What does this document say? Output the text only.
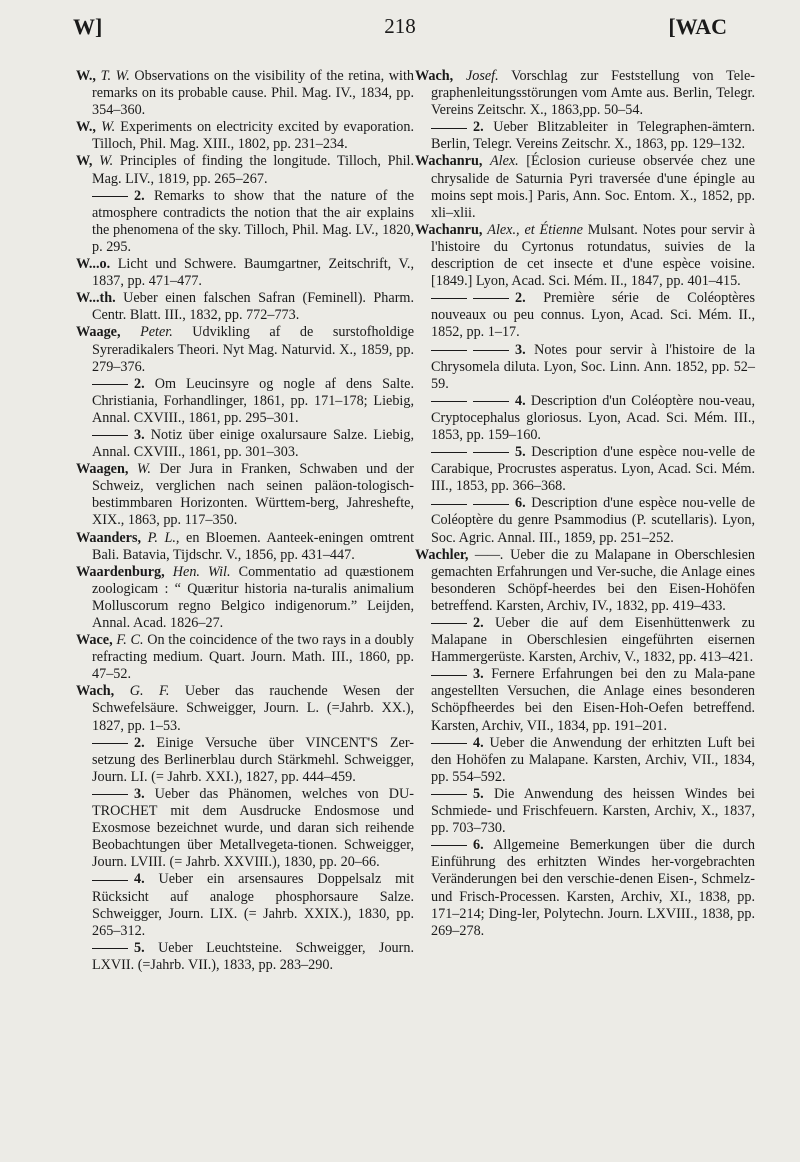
W]	218	[WAC

W., T. W. Observations on the visibility of the retina, with remarks on its probable cause. Phil. Mag. IV., 1834, pp. 354–360.

W., W. Experiments on electricity excited by evaporation. Tilloch, Phil. Mag. XIII., 1802, pp. 231–234.

W, W. Principles of finding the longitude. Tilloch, Phil. Mag. LIV., 1819, pp. 265–267.

2. Remarks to show that the nature of the atmosphere contradicts the notion that the air explains the phenomena of the sky. Tilloch, Phil. Mag. LV., 1820, p. 295.

W...o. Licht und Schwere. Baumgartner, Zeitschrift, V., 1837, pp. 471–477.

W...th. Ueber einen falschen Safran (Feminell). Pharm. Centr. Blatt. III., 1832, pp. 772–773.

Waage, Peter. Udvikling af de surstofholdige Syreradikalers Theori. Nyt Mag. Naturvid. X., 1859, pp. 279–376.

2. Om Leucinsyre og nogle af dens Salte. Christiania, Forhandlinger, 1861, pp. 171–178; Liebig, Annal. CXVIII., 1861, pp. 295–301.

3. Notiz über einige oxalursaure Salze. Liebig, Annal. CXVIII., 1861, pp. 301–303.

Waagen, W. Der Jura in Franken, Schwaben und der Schweiz, verglichen nach seinen paläon-tologisch-bestimmbaren Horizonten. Württem-berg, Jahreshefte, XIX., 1863, pp. 117–350.

Waanders, P. L., en Bloemen. Aanteek-eningen omtrent Bali. Batavia, Tijdschr. V., 1856, pp. 431–447.

Waardenburg, Hen. Wil. Commentatio ad quæstionem zoologicam : “ Quæritur historia na-turalis animalium Molluscorum regno Belgico indigenorum.” Leijden, Annal. Acad. 1826–27.

Wace, F. C. On the coincidence of the two rays in a doubly refracting medium. Quart. Journ. Math. III., 1860, pp. 47–52.

Wach, G. F. Ueber das rauchende Wesen der Schwefelsäure. Schweigger, Journ. L. (=Jahrb. XX.), 1827, pp. 1–53.

2. Einige Versuche über VINCENT'S Zer-setzung des Berlinerblau durch Stärkmehl. Schweigger, Journ. LI. (= Jahrb. XXI.), 1827, pp. 444–459.

3. Ueber das Phänomen, welches von DU-TROCHET mit dem Ausdrucke Endosmose und Exosmose bezeichnet wurde, und daran sich reihende Beobachtungen über Metallvegeta-tionen. Schweigger, Journ. LVIII. (= Jahrb. XXVIII.), 1830, pp. 20–66.

4. Ueber ein arsensaures Doppelsalz mit Rücksicht auf analoge phosphorsaure Salze. Schweigger, Journ. LIX. (= Jahrb. XXIX.), 1830, pp. 265–312.

5. Ueber Leuchtsteine. Schweigger, Journ. LXVII. (=Jahrb. VII.), 1833, pp. 283–290.

Wach, Josef. Vorschlag zur Feststellung von Tele-graphenleitungsstörungen vom Amte aus. Berlin, Telegr. Vereins Zeitschr. X., 1863,pp. 50–54.

2. Ueber Blitzableiter in Telegraphen-ämtern. Berlin, Telegr. Vereins Zeitschr. X., 1863, pp. 129–132.

Wachanru, Alex. [Éclosion curieuse observée chez une chrysalide de Saturnia Pyri traversée d'une épingle au moins sept mois.] Paris, Ann. Soc. Entom. X., 1852, pp. xli–xlii.

Wachanru, Alex., et Étienne Mulsant. Notes pour servir à l'histoire du Cyrtonus rotundatus, suivies de la description de cet insecte et d'une espèce voisine. [1849.] Lyon, Acad. Sci. Mém. II., 1847, pp. 401–415.

2. Première série de Coléoptères nouveaux ou peu connus. Lyon, Acad. Sci. Mém. II., 1852, pp. 1–17.

3. Notes pour servir à l'histoire de la Chrysomela diluta. Lyon, Soc. Linn. Ann. 1852, pp. 52–59.

4. Description d'un Coléoptère nou-veau, Cryptocephalus gloriosus. Lyon, Acad. Sci. Mém. III., 1853, pp. 159–160.

5. Description d'une espèce nou-velle de Carabique, Procrustes asperatus. Lyon, Acad. Sci. Mém. III., 1853, pp. 366–368.

6. Description d'une espèce nou-velle de Coléoptère du genre Psammodius (P. scutellaris). Lyon, Soc. Agric. Annal. III., 1859, pp. 251–252.

Wachler, ——. Ueber die zu Malapane in Oberschlesien gemachten Erfahrungen und Ver-suche, die Anlage eines besonderen Schöpf-heerdes bei den Eisen-Hohöfen betreffend. Karsten, Archiv, IV., 1832, pp. 419–433.

2. Ueber die auf dem Eisenhüttenwerk zu Malapane in Oberschlesien eingeführten eisernen Hammergerüste. Karsten, Archiv, V., 1832, pp. 413–421.

3. Fernere Erfahrungen bei den zu Mala-pane angestellten Versuchen, die Anlage eines besonderen Schöpfheerdes bei den Eisen-Hoh-Oefen betreffend. Karsten, Archiv, VII., 1834, pp. 191–201.

4. Ueber die Anwendung der erhitzten Luft bei den Hohöfen zu Malapane. Karsten, Archiv, VII., 1834, pp. 554–592.

5. Die Anwendung des heissen Windes bei Schmiede- und Frischfeuern. Karsten, Archiv, X., 1837, pp. 703–730.

6. Allgemeine Bemerkungen über die durch Einführung des erhitzten Windes her-vorgebrachten Veränderungen bei den verschie-denen Eisen-, Schmelz- und Frisch-Processen. Karsten, Archiv, XI., 1838, pp. 171–214; Ding-ler, Polytechn. Journ. LXVIII., 1838, pp. 269–278.
